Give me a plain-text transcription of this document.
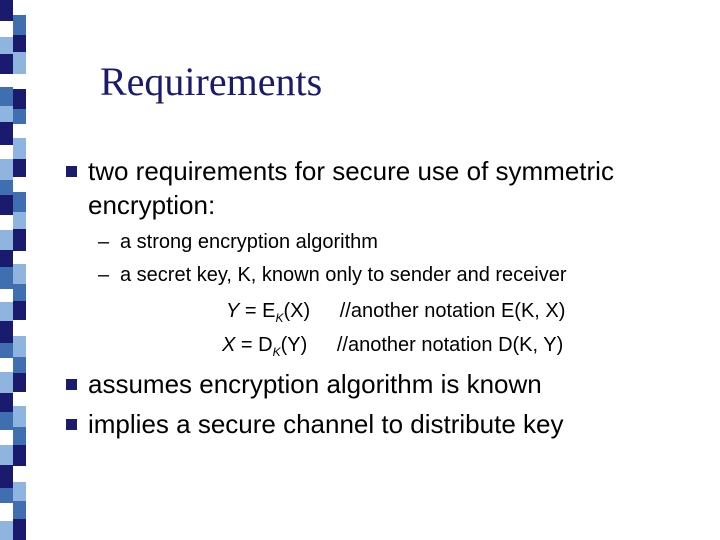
Requirements

two requirements for secure use of symmetric

encryption:

– a strong encryption algorithm

– a secret key, K, known only to sender and receiver

$Y = E_K(X)$ //another notation E(K, X)
$X = D_K(Y)$ //another notation D(K, Y)

assumes encryption algorithm is known

implies a secure channel to distribute key
